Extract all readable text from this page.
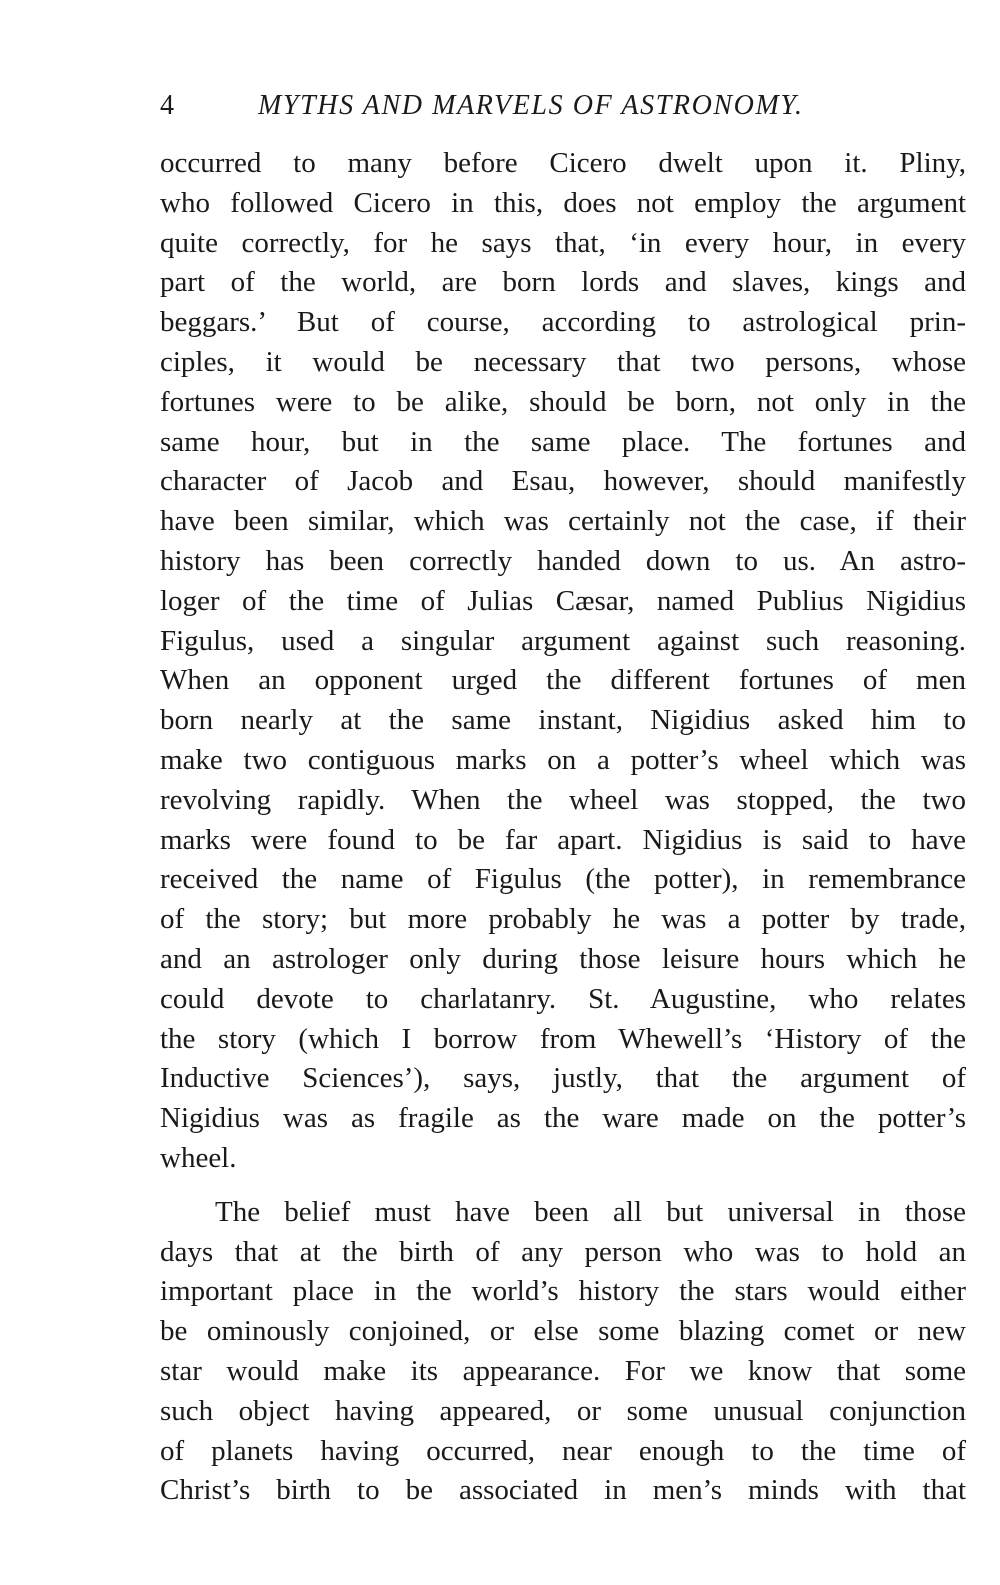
4	MYTHS AND MARVELS OF ASTRONOMY.

occurred to many before Cicero dwelt upon it. Pliny,

who followed Cicero in this, does not employ the argument

quite correctly, for he says that, ‘in every hour, in every

part of the world, are born lords and slaves, kings and

beggars.’ But of course, according to astrological prin-

ciples, it would be necessary that two persons, whose

fortunes were to be alike, should be born, not only in the

same hour, but in the same place. The fortunes and

character of Jacob and Esau, however, should manifestly

have been similar, which was certainly not the case, if their

history has been correctly handed down to us. An astro-

loger of the time of Julias Cæsar, named Publius Nigidius

Figulus, used a singular argument against such reasoning.

When an opponent urged the different fortunes of men

born nearly at the same instant, Nigidius asked him to

make two contiguous marks on a potter’s wheel which was

revolving rapidly. When the wheel was stopped, the two

marks were found to be far apart. Nigidius is said to have

received the name of Figulus (the potter), in remembrance

of the story; but more probably he was a potter by trade,

and an astrologer only during those leisure hours which he

could devote to charlatanry. St. Augustine, who relates

the story (which I borrow from Whewell’s ‘History of the

Inductive Sciences’), says, justly, that the argument of

Nigidius was as fragile as the ware made on the potter’s

wheel.

The belief must have been all but universal in those

days that at the birth of any person who was to hold an

important place in the world’s history the stars would either

be ominously conjoined, or else some blazing comet or new

star would make its appearance. For we know that some

such object having appeared, or some unusual conjunction

of planets having occurred, near enough to the time of

Christ’s birth to be associated in men’s minds with that
